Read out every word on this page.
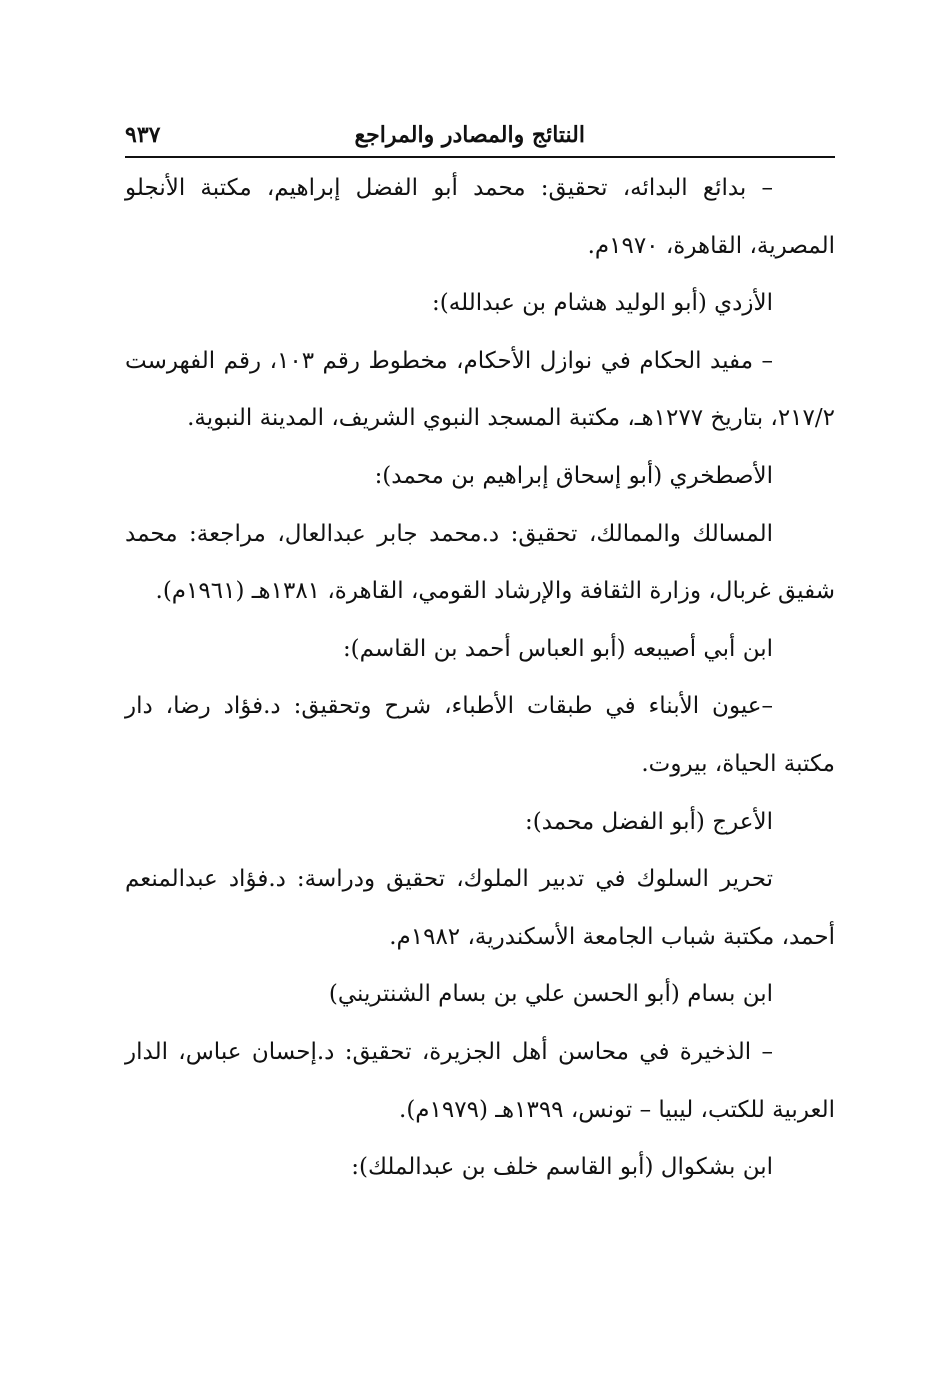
النتائج والمصادر والمراجع
٩٣٧

– بدائع البدائه، تحقيق: محمد أبو الفضل إبراهيم، مكتبة الأنجلو المصرية، القاهرة، ١٩٧٠م.

الأزدي (أبو الوليد هشام بن عبدالله):

– مفيد الحكام في نوازل الأحكام، مخطوط رقم ١٠٣، رقم الفهرست ٢١٧/٢، بتاريخ ١٢٧٧هـ، مكتبة المسجد النبوي الشريف، المدينة النبوية.

الأصطخري (أبو إسحاق إبراهيم بن محمد):

المسالك والممالك، تحقيق: د.محمد جابر عبدالعال، مراجعة: محمد شفيق غربال، وزارة الثقافة والإرشاد القومي، القاهرة، ١٣٨١هـ (١٩٦١م).

ابن أبي أصيبعه (أبو العباس أحمد بن القاسم):

–عيون الأبناء في طبقات الأطباء، شرح وتحقيق: د.فؤاد رضا، دار مكتبة الحياة، بيروت.

الأعرج (أبو الفضل محمد):

تحرير السلوك في تدبير الملوك، تحقيق ودراسة: د.فؤاد عبدالمنعم أحمد، مكتبة شباب الجامعة الأسكندرية، ١٩٨٢م.

ابن بسام (أبو الحسن علي بن بسام الشنتريني)

– الذخيرة في محاسن أهل الجزيرة، تحقيق: د.إحسان عباس، الدار العربية للكتب، ليبيا – تونس، ١٣٩٩هـ (١٩٧٩م).

ابن بشكوال (أبو القاسم خلف بن عبدالملك):
